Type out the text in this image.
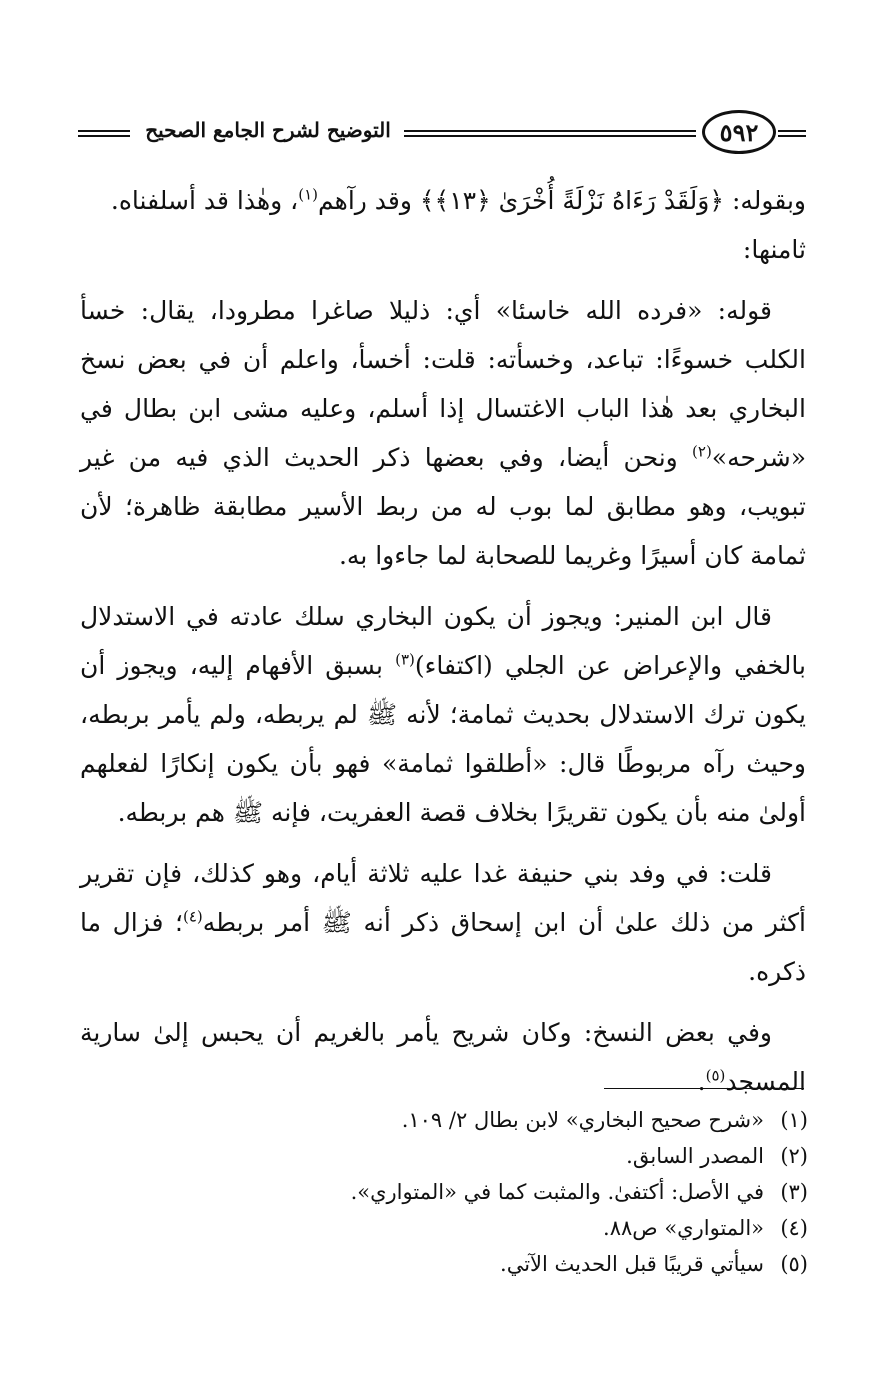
التوضيح لشرح الجامع الصحيح	٥٩٢

وبقوله: ﴿وَلَقَدْ رَءَاهُ نَزْلَةً أُخْرَىٰ ﴿١٣﴾﴾ وقد رآهم$^{(١)}$، وهٰذا قد أسلفناه.

ثامنها:

قوله: «فرده الله خاسئا» أي: ذليلا صاغرا مطرودا، يقال: خسأ الكلب خسوءًا: تباعد، وخسأته: قلت: أخسأ، واعلم أن في بعض نسخ البخاري بعد هٰذا الباب الاغتسال إذا أسلم، وعليه مشى ابن بطال في «شرحه»$^{(٢)}$ ونحن أيضا، وفي بعضها ذكر الحديث الذي فيه من غير تبويب، وهو مطابق لما بوب له من ربط الأسير مطابقة ظاهرة؛ لأن ثمامة كان أسيرًا وغريما للصحابة لما جاءوا به.

قال ابن المنير: ويجوز أن يكون البخاري سلك عادته في الاستدلال بالخفي والإعراض عن الجلي (اكتفاء)$^{(٣)}$ بسبق الأفهام إليه، ويجوز أن يكون ترك الاستدلال بحديث ثمامة؛ لأنه ﷺ لم يربطه، ولم يأمر بربطه، وحيث رآه مربوطًا قال: «أطلقوا ثمامة» فهو بأن يكون إنكارًا لفعلهم أولىٰ منه بأن يكون تقريرًا بخلاف قصة العفريت، فإنه ﷺ هم بربطه.

قلت: في وفد بني حنيفة غدا عليه ثلاثة أيام، وهو كذلك، فإن تقرير أكثر من ذلك علىٰ أن ابن إسحاق ذكر أنه ﷺ أمر بربطه$^{(٤)}$؛ فزال ما ذكره.

وفي بعض النسخ: وكان شريح يأمر بالغريم أن يحبس إلىٰ سارية المسجد$^{(٥)}$.

(١)
«شرح صحيح البخاري» لابن بطال ٢/ ١٠٩.
(٢)
المصدر السابق.
(٣)
في الأصل: أكتفىٰ. والمثبت كما في «المتواري».
(٤)
«المتواري» ص٨٨.
(٥)
سيأتي قريبًا قبل الحديث الآتي.
